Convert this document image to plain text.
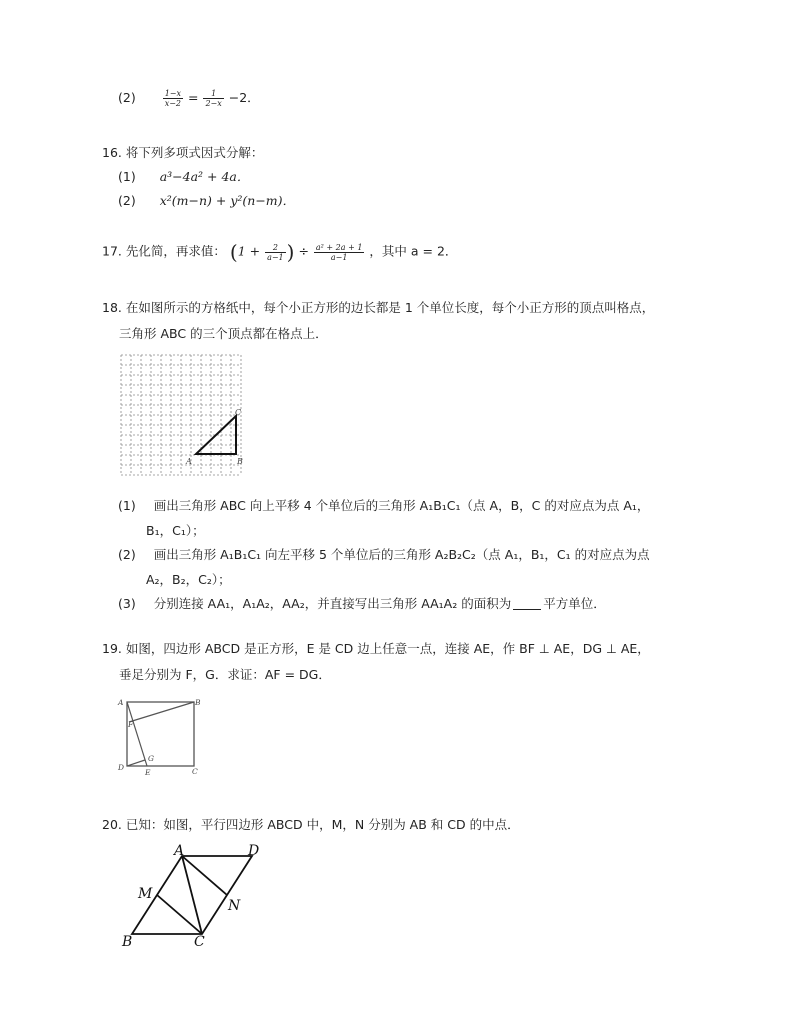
(2)	$\frac{1-x}{x-2} = \frac{1}{2-x} -2$．
16. 将下列多项式因式分解：
(1) a³−4a² + 4a．
(2) x²(m−n) + y²(n−m)．
17. 先化简，再求值： ($1 + \frac{2}{a-1}$ ) ÷ $\frac{\text{a² + 2a + 1}}{a-1}$ ，其中 a = 2．
18. 在如图所示的方格纸中，每个小正方形的边长都是 1 个单位长度，每个小正方形的顶点叫格点，
三角形 ABC 的三个顶点都在格点上．
A	B
C
(1) 画出三角形 ABC 向上平移 4 个单位后的三角形 A₁B₁C₁（点 A，B，C 的对应点为点 A₁，
B₁，C₁）；
(2) 画出三角形 A₁B₁C₁ 向左平移 5 个单位后的三角形 A₂B₂C₂（点 A₁，B₁，C₁ 的对应点为点
A₂，B₂，C₂）；
(3) 分别连接 AA₁，A₁A₂，AA₂，并直接写出三角形 AA₁A₂ 的面积为	平方单位．
19. 如图，四边形 ABCD 是正方形，E 是 CD 边上任意一点，连接 AE，作 BF ⊥ AE，DG ⊥ AE，
垂足分别为 F，G．求证：AF = DG．
A	B
C
D
E
F
G
20. 已知：如图，平行四边形 ABCD 中，M，N 分别为 AB 和 CD 的中点．
A	D
M
N
B	C
